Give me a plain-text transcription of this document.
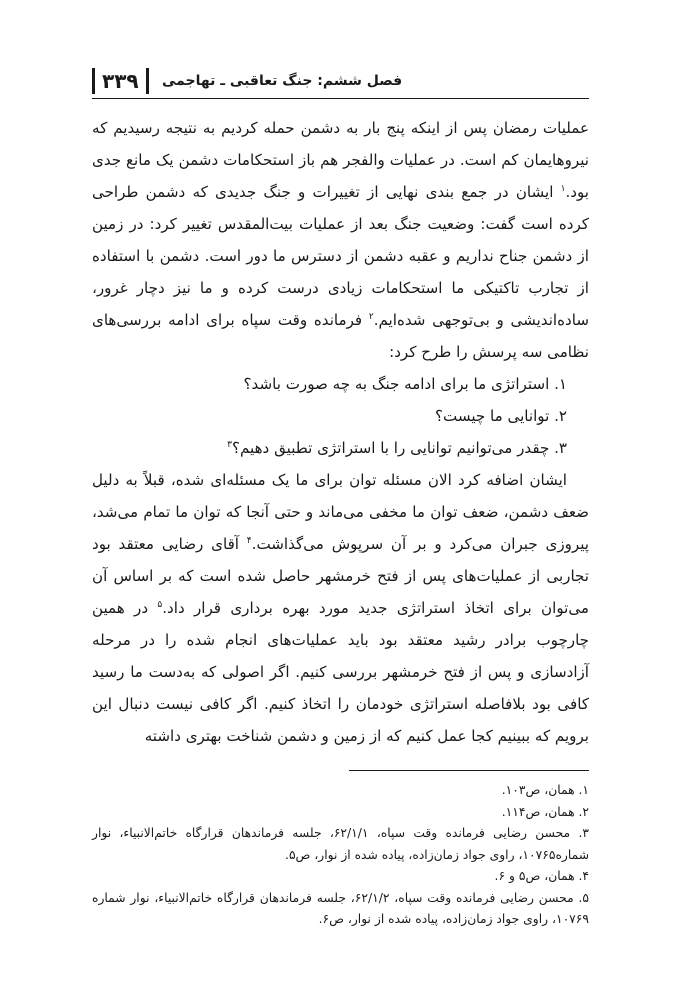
۳۳۹	فصل ششم: جنگ تعاقبی ـ تهاجمی

عملیات رمضان پس از اینکه پنج بار به دشمن حمله کردیم به نتیجه رسیدیم که نیروهایمان کم است. در عملیات والفجر هم باز استحکامات دشمن یک مانع جدی بود.$^۱$ ایشان در جمع بندی نهایی از تغییرات و جنگ جدیدی که دشمن طراحی کرده است گفت: وضعیت جنگ بعد از عملیات بیت‌المقدس تغییر کرد: در زمین از دشمن جناح نداریم و عقبه دشمن از دسترس ما دور است. دشمن با استفاده از تجارب تاکتیکی ما استحکامات زیادی درست کرده و ما نیز دچار غرور، ساده‌اندیشی و بی‌توجهی شده‌ایم.$^۲$ فرمانده وقت سپاه برای ادامه بررسی‌های نظامی سه پرسش را طرح کرد:

۱. استراتژی ما برای ادامه جنگ به چه صورت باشد؟

۲. توانایی ما چیست؟

۳. چقدر می‌توانیم توانایی را با استراتژی تطبیق دهیم؟$^۳$

ایشان اضافه کرد الان مسئله توان برای ما یک مسئله‌ای شده، قبلاً به دلیل ضعف دشمن، ضعف توان ما مخفی می‌ماند و حتی آنجا که توان ما تمام می‌شد، پیروزی جبران می‌کرد و بر آن سرپوش می‌گذاشت.$^۴$ آقای رضایی معتقد بود تجاربی از عملیات‌های پس از فتح خرمشهر حاصل شده است که بر اساس آن می‌توان برای اتخاذ استراتژی جدید مورد بهره برداری قرار داد.$^۵$ در همین چارچوب برادر رشید معتقد بود باید عملیات‌های انجام شده را در مرحله آزادسازی و پس از فتح خرمشهر بررسی کنیم. اگر اصولی که به‌دست ما رسید کافی بود بلافاصله استراتژی خودمان را اتخاذ کنیم. اگر کافی نیست دنبال این برویم که ببینیم کجا عمل کنیم که از زمین و دشمن شناخت بهتری داشته

۱. همان، ص۱۰۳.

۲. همان، ص۱۱۴.

۳. محسن رضایی فرمانده وقت سپاه، ۶۲/۱/۱، جلسه فرماندهان قرارگاه خاتم‌الانبیاء، نوار شماره۱۰۷۶۵، راوی جواد زمان‌زاده، پیاده شده از نوار، ص۵.

۴. همان، ص۵ و ۶.

۵. محسن رضایی فرمانده وقت سپاه، ۶۲/۱/۲، جلسه فرماندهان قرارگاه خاتم‌الانبیاء، نوار شماره ۱۰۷۶۹، راوی جواد زمان‌زاده، پیاده شده از نوار، ص۶.
